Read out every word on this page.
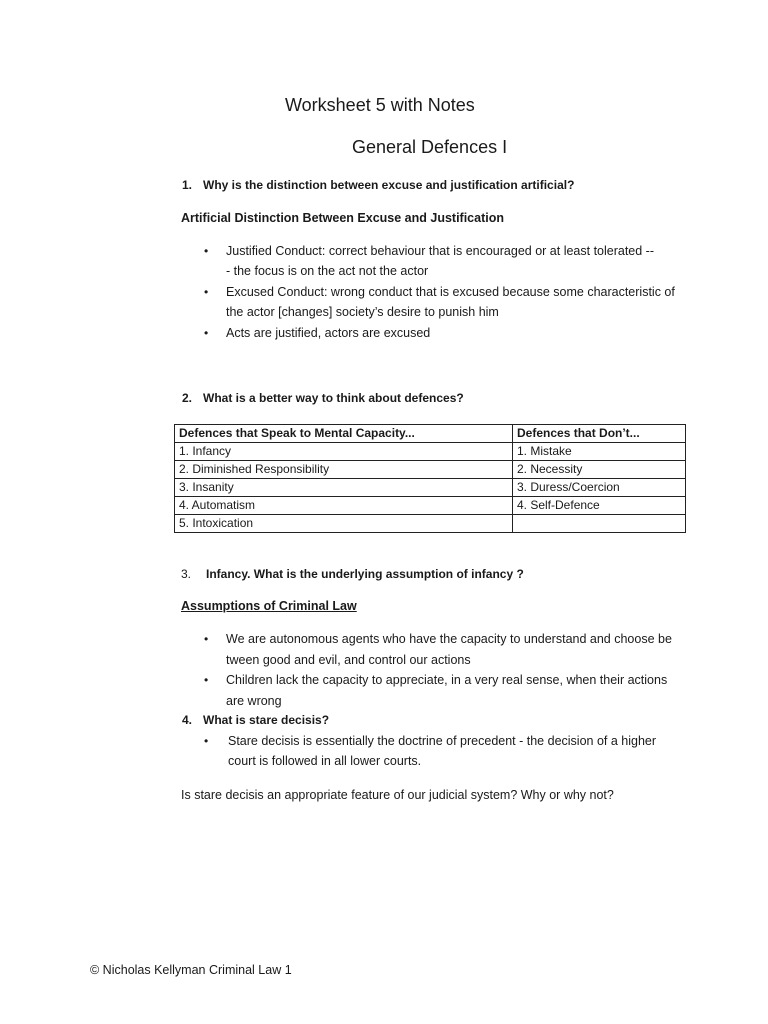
Worksheet 5 with Notes
General Defences I
1. Why is the distinction between excuse and justification artificial?
Artificial Distinction Between Excuse and Justification
• Justified Conduct: correct behaviour that is encouraged or at least tolerated --
- the focus is on the act not the actor
• Excused Conduct: wrong conduct that is excused because some characteristic of
the actor [changes] society’s desire to punish him
• Acts are justified, actors are excused
2. What is a better way to think about defences?
Defences that Speak to Mental Capacity...	Defences that Don’t...
1. Infancy	1. Mistake
2. Diminished Responsibility	2. Necessity
3. Insanity	3. Duress/Coercion
4. Automatism	4. Self-Defence
5. Intoxication	
3. Infancy. What is the underlying assumption of infancy ?
Assumptions of Criminal Law
• We are autonomous agents who have the capacity to understand and choose be
tween good and evil, and control our actions
• Children lack the capacity to appreciate, in a very real sense, when their actions
are wrong
4. What is stare decisis?
• Stare decisis is essentially the doctrine of precedent - the decision of a higher
court is followed in all lower courts.
Is stare decisis an appropriate feature of our judicial system? Why or why not?
© Nicholas Kellyman Criminal Law 1
